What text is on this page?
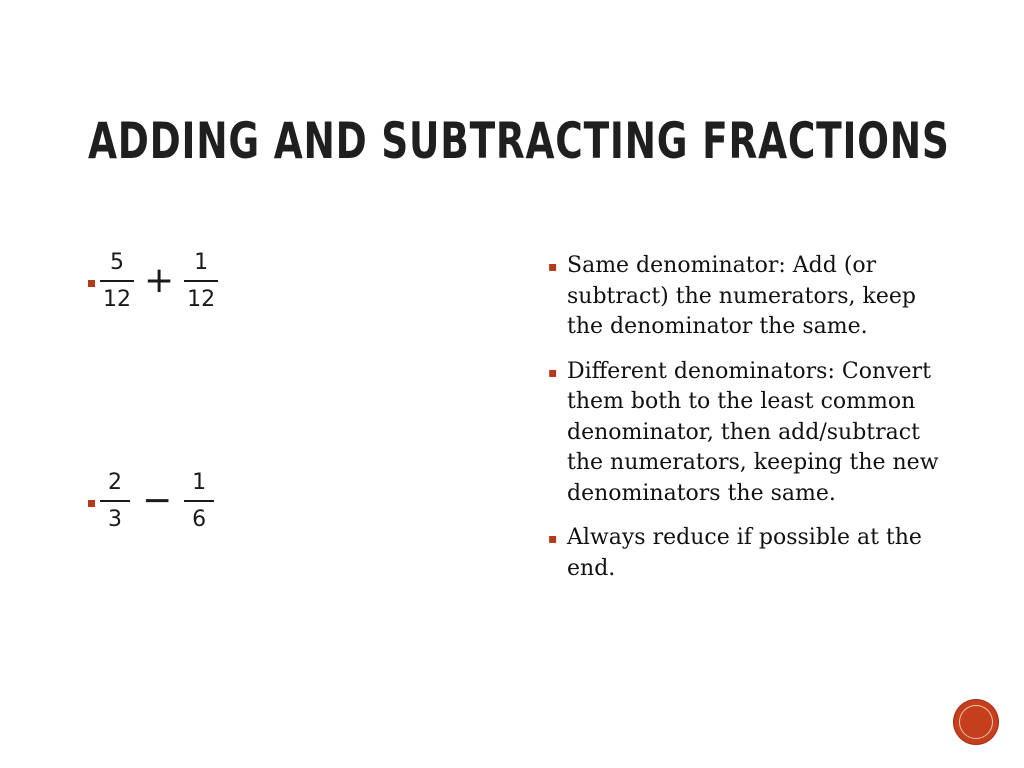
ADDING AND SUBTRACTING FRACTIONS
$\frac{5}{12} + \frac{1}{12}$
$\frac{2}{3} - \frac{1}{6}$
▪ Same denominator: Add (or subtract) the numerators, keep the denominator the same.
▪ Different denominators: Convert them both to the least common denominator, then add/subtract the numerators, keeping the new denominators the same.
▪ Always reduce if possible at the end.
